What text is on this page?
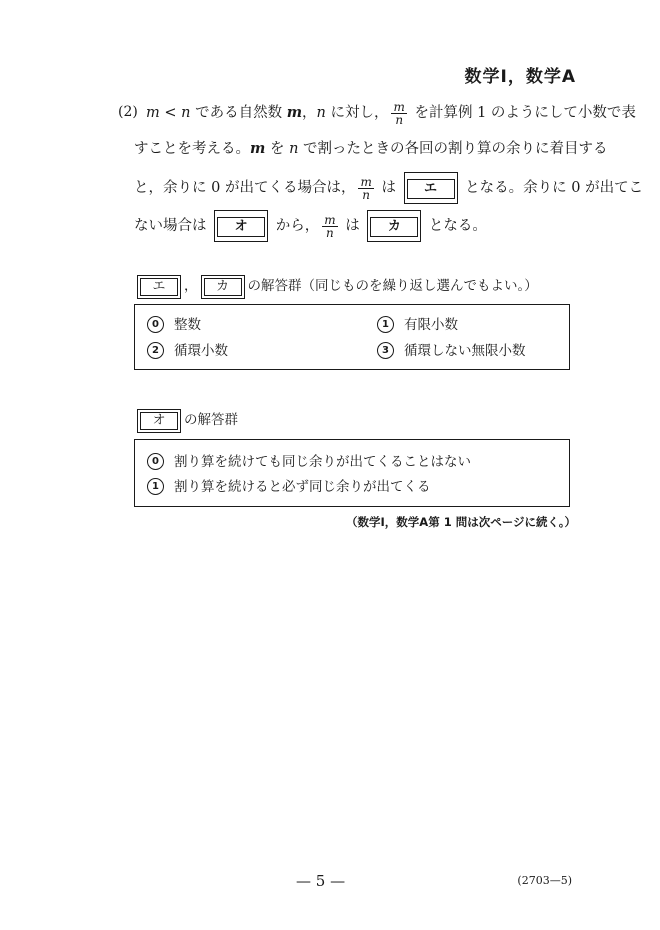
数学Ⅰ，数学A
(2) m < n である自然数 m，n に対し， $\frac{m}{n}$ を計算例 1 のようにして小数で表
すことを考える。m を n で割ったときの各回の割り算の余りに着目する
と，余りに 0 が出てくる場合は， $\frac{m}{n}$ は エ となる。余りに 0 が出てこ
ない場合は オ から， $\frac{m}{n}$ は カ となる。
エ ， カ の解答群（同じものを繰り返し選んでもよい。）
0 整数	1 有限小数
2 循環小数	3 循環しない無限小数
オ の解答群
0 割り算を続けても同じ余りが出てくることはない
1 割り算を続けると必ず同じ余りが出てくる
（数学Ⅰ，数学A第 1 問は次ページに続く。）
— 5 —	(2703—5)
